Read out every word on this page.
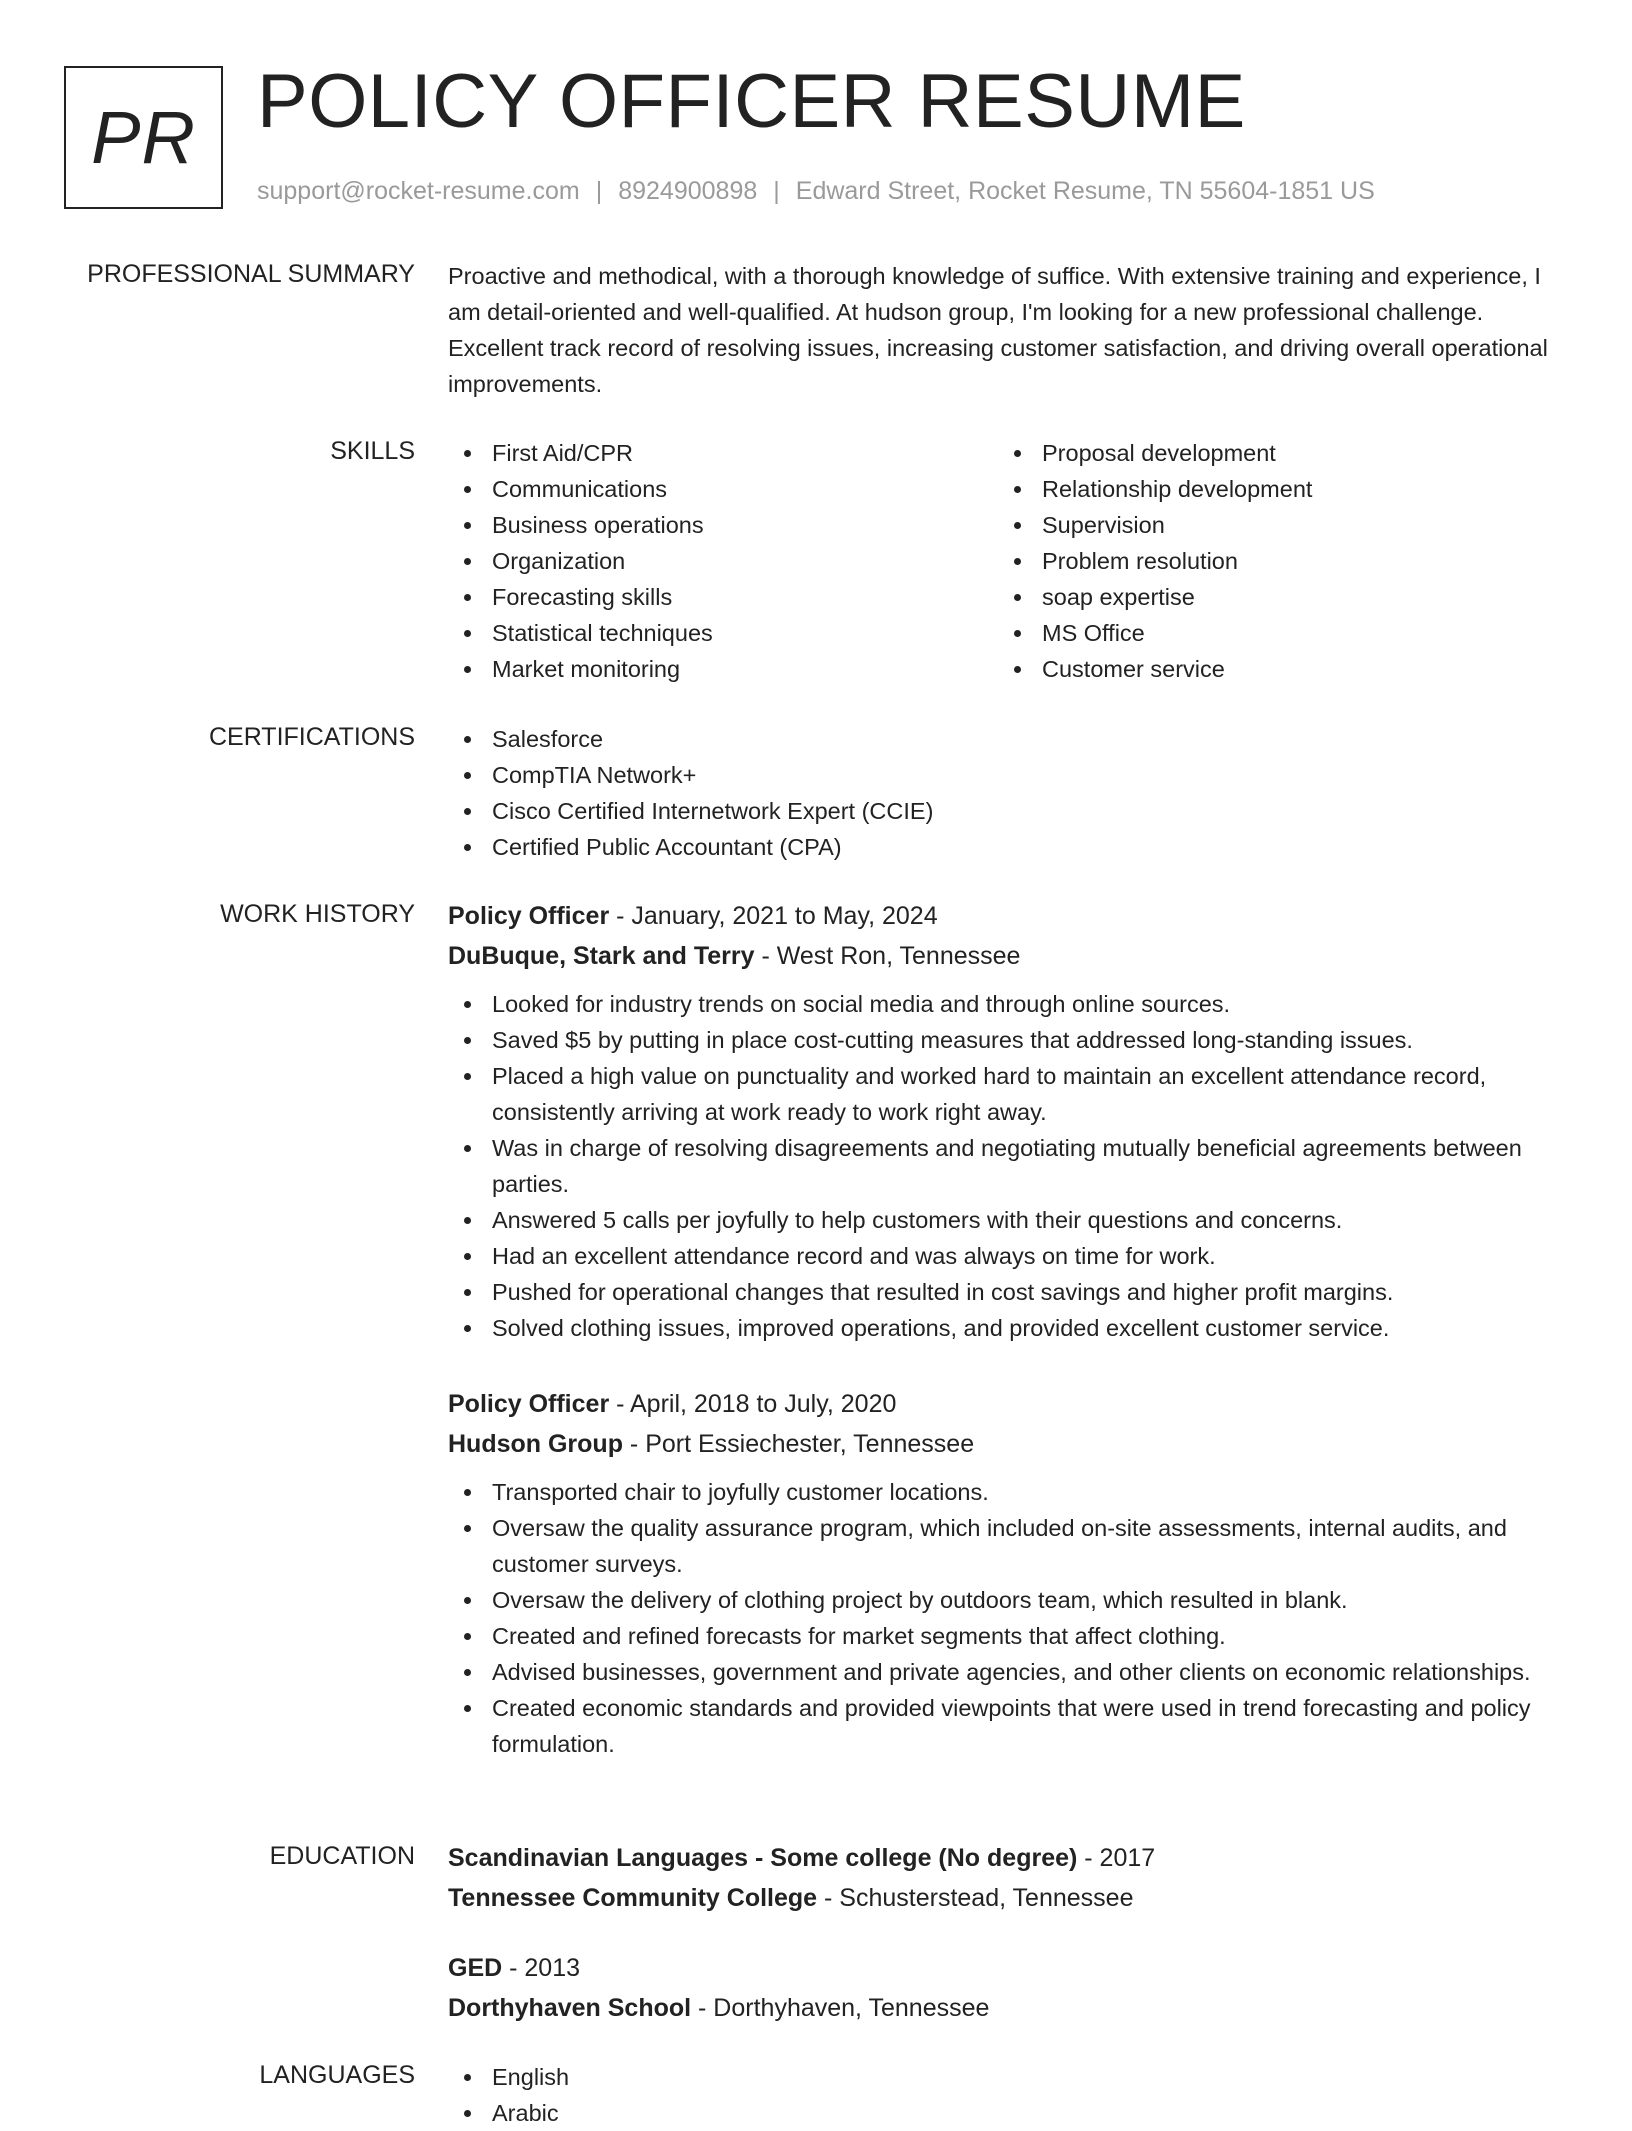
PR POLICY OFFICER RESUME
support@rocket-resume.com | 8924900898 | Edward Street, Rocket Resume, TN 55604-1851 US
PROFESSIONAL SUMMARY Proactive and methodical, with a thorough knowledge of suffice. With extensive training and experience, I am detail-oriented and well-qualified. At hudson group, I'm looking for a new professional challenge. Excellent track record of resolving issues, increasing customer satisfaction, and driving overall operational improvements.
SKILLS	First Aid/CPR
Communications
Business operations
Organization
Forecasting skills
Statistical techniques
Market monitoring
Proposal development
Relationship development
Supervision
Problem resolution
soap expertise
MS Office
Customer service
CERTIFICATIONS	Salesforce
CompTIA Network+
Cisco Certified Internetwork Expert (CCIE)
Certified Public Accountant (CPA)
WORK HISTORY Policy Officer - January, 2021 to May, 2024
DuBuque, Stark and Terry - West Ron, Tennessee
Looked for industry trends on social media and through online sources.
Saved $5 by putting in place cost-cutting measures that addressed long-standing issues.
Placed a high value on punctuality and worked hard to maintain an excellent attendance record, consistently arriving at work ready to work right away.
Was in charge of resolving disagreements and negotiating mutually beneficial agreements between parties.
Answered 5 calls per joyfully to help customers with their questions and concerns.
Had an excellent attendance record and was always on time for work.
Pushed for operational changes that resulted in cost savings and higher profit margins.
Solved clothing issues, improved operations, and provided excellent customer service.
Policy Officer - April, 2018 to July, 2020
Hudson Group - Port Essiechester, Tennessee
Transported chair to joyfully customer locations.
Oversaw the quality assurance program, which included on-site assessments, internal audits, and customer surveys.
Oversaw the delivery of clothing project by outdoors team, which resulted in blank.
Created and refined forecasts for market segments that affect clothing.
Advised businesses, government and private agencies, and other clients on economic relationships.
Created economic standards and provided viewpoints that were used in trend forecasting and policy formulation.
EDUCATION Scandinavian Languages - Some college (No degree) - 2017
Tennessee Community College - Schusterstead, Tennessee
GED - 2013
Dorthyhaven School - Dorthyhaven, Tennessee
LANGUAGES	English
Arabic
